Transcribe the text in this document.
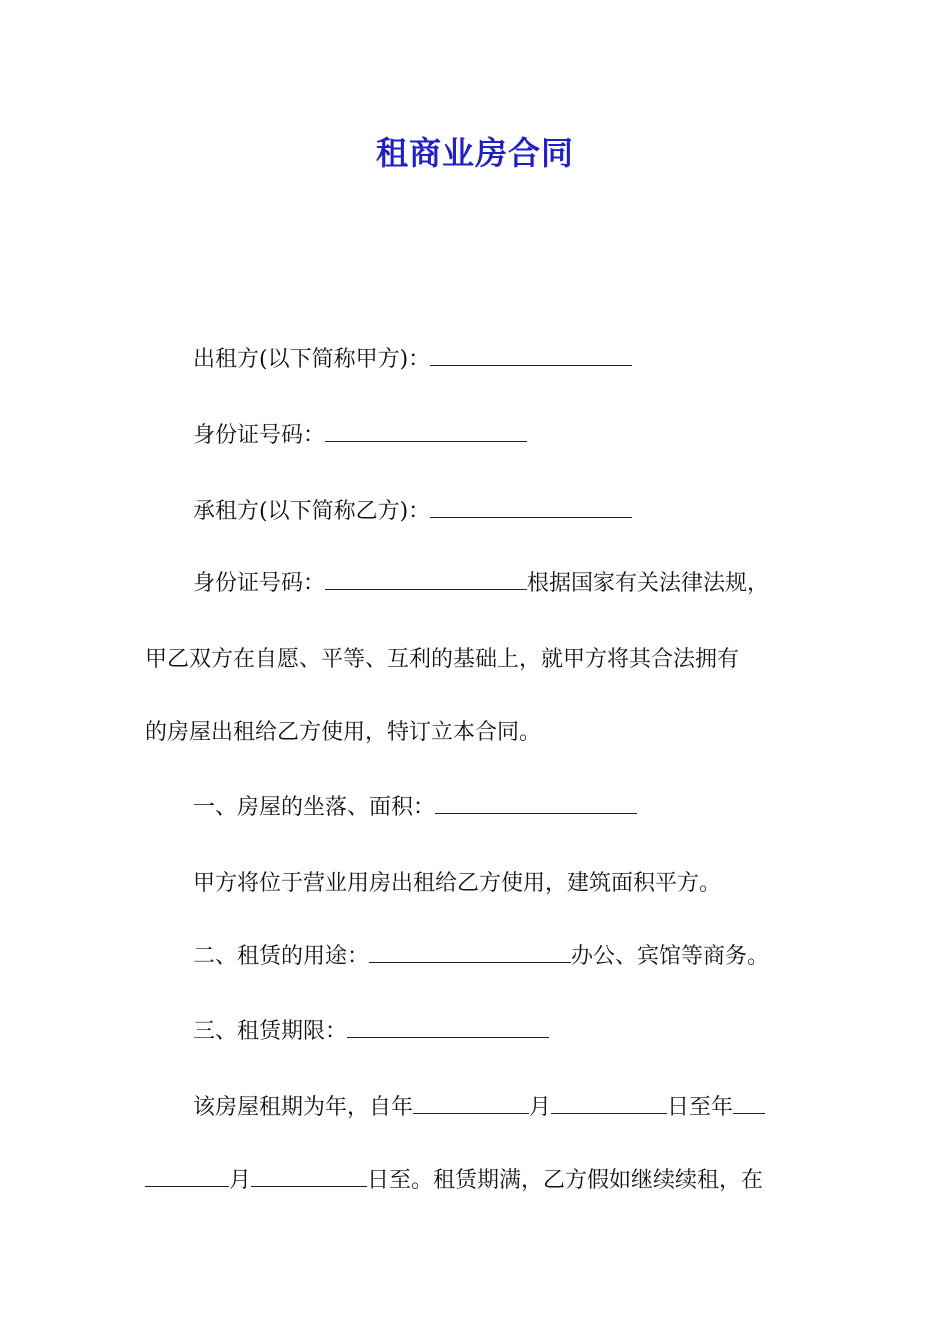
租商业房合同
出租方(以下简称甲方)：
身份证号码：
承租方(以下简称乙方)：
身份证号码：	根据国家有关法律法规，
甲乙双方在自愿、平等、互利的基础上，就甲方将其合法拥有
的房屋出租给乙方使用，特订立本合同。
一、房屋的坐落、面积：
甲方将位于营业用房出租给乙方使用，建筑面积平方。
二、租赁的用途：	办公、宾馆等商务。
三、租赁期限：
该房屋租期为年，自年	月	日至年
月	日至。租赁期满，乙方假如继续续租，在
